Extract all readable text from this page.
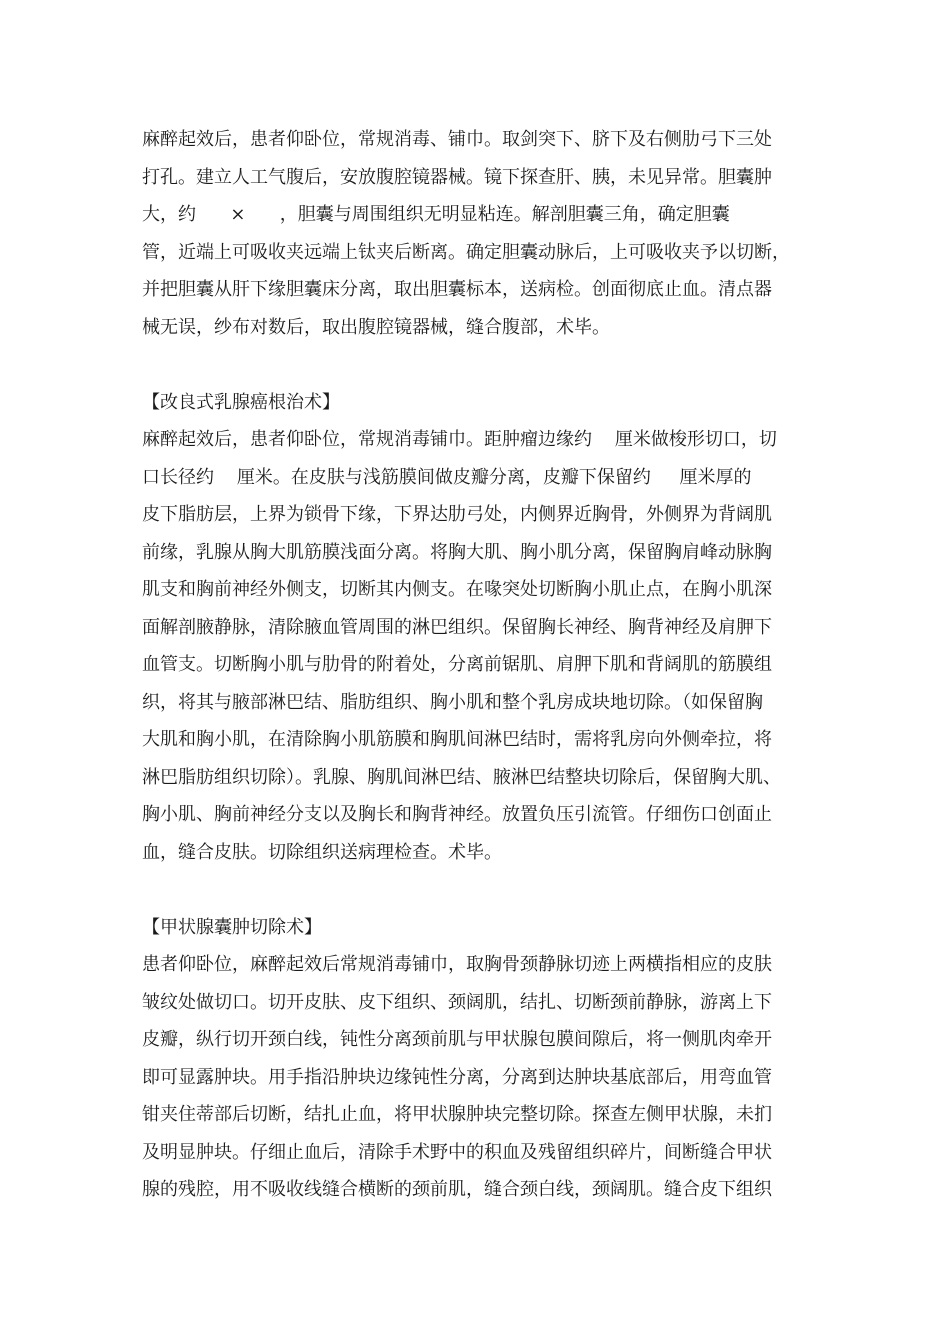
麻醉起效后，患者仰卧位，常规消毒、铺巾。取剑突下、脐下及右侧肋弓下三处
打孔。建立人工气腹后，安放腹腔镜器械。镜下探查肝、胰，未见异常。胆囊肿
大，约      ×      ，胆囊与周围组织无明显粘连。解剖胆囊三角，确定胆囊
管，近端上可吸收夹远端上钛夹后断离。确定胆囊动脉后，上可吸收夹予以切断，
并把胆囊从肝下缘胆囊床分离，取出胆囊标本，送病检。创面彻底止血。清点器
械无误，纱布对数后，取出腹腔镜器械，缝合腹部，术毕。
【改良式乳腺癌根治术】
麻醉起效后，患者仰卧位，常规消毒铺巾。距肿瘤边缘约    厘米做梭形切口，切
口长径约    厘米。在皮肤与浅筋膜间做皮瓣分离，皮瓣下保留约     厘米厚的
皮下脂肪层，上界为锁骨下缘，下界达肋弓处，内侧界近胸骨，外侧界为背阔肌
前缘，乳腺从胸大肌筋膜浅面分离。将胸大肌、胸小肌分离，保留胸肩峰动脉胸
肌支和胸前神经外侧支，切断其内侧支。在喙突处切断胸小肌止点，在胸小肌深
面解剖腋静脉，清除腋血管周围的淋巴组织。保留胸长神经、胸背神经及肩胛下
血管支。切断胸小肌与肋骨的附着处，分离前锯肌、肩胛下肌和背阔肌的筋膜组
织，将其与腋部淋巴结、脂肪组织、胸小肌和整个乳房成块地切除。（如保留胸
大肌和胸小肌，在清除胸小肌筋膜和胸肌间淋巴结时，需将乳房向外侧牵拉，将
淋巴脂肪组织切除）。乳腺、胸肌间淋巴结、腋淋巴结整块切除后，保留胸大肌、
胸小肌、胸前神经分支以及胸长和胸背神经。放置负压引流管。仔细伤口创面止
血，缝合皮肤。切除组织送病理检查。术毕。
【甲状腺囊肿切除术】
患者仰卧位，麻醉起效后常规消毒铺巾，取胸骨颈静脉切迹上两横指相应的皮肤
皱纹处做切口。切开皮肤、皮下组织、颈阔肌，结扎、切断颈前静脉，游离上下
皮瓣，纵行切开颈白线，钝性分离颈前肌与甲状腺包膜间隙后，将一侧肌肉牵开
即可显露肿块。用手指沿肿块边缘钝性分离，分离到达肿块基底部后，用弯血管
钳夹住蒂部后切断，结扎止血，将甲状腺肿块完整切除。探查左侧甲状腺，未扪
及明显肿块。仔细止血后，清除手术野中的积血及残留组织碎片，间断缝合甲状
腺的残腔，用不吸收线缝合横断的颈前肌，缝合颈白线，颈阔肌。缝合皮下组织
